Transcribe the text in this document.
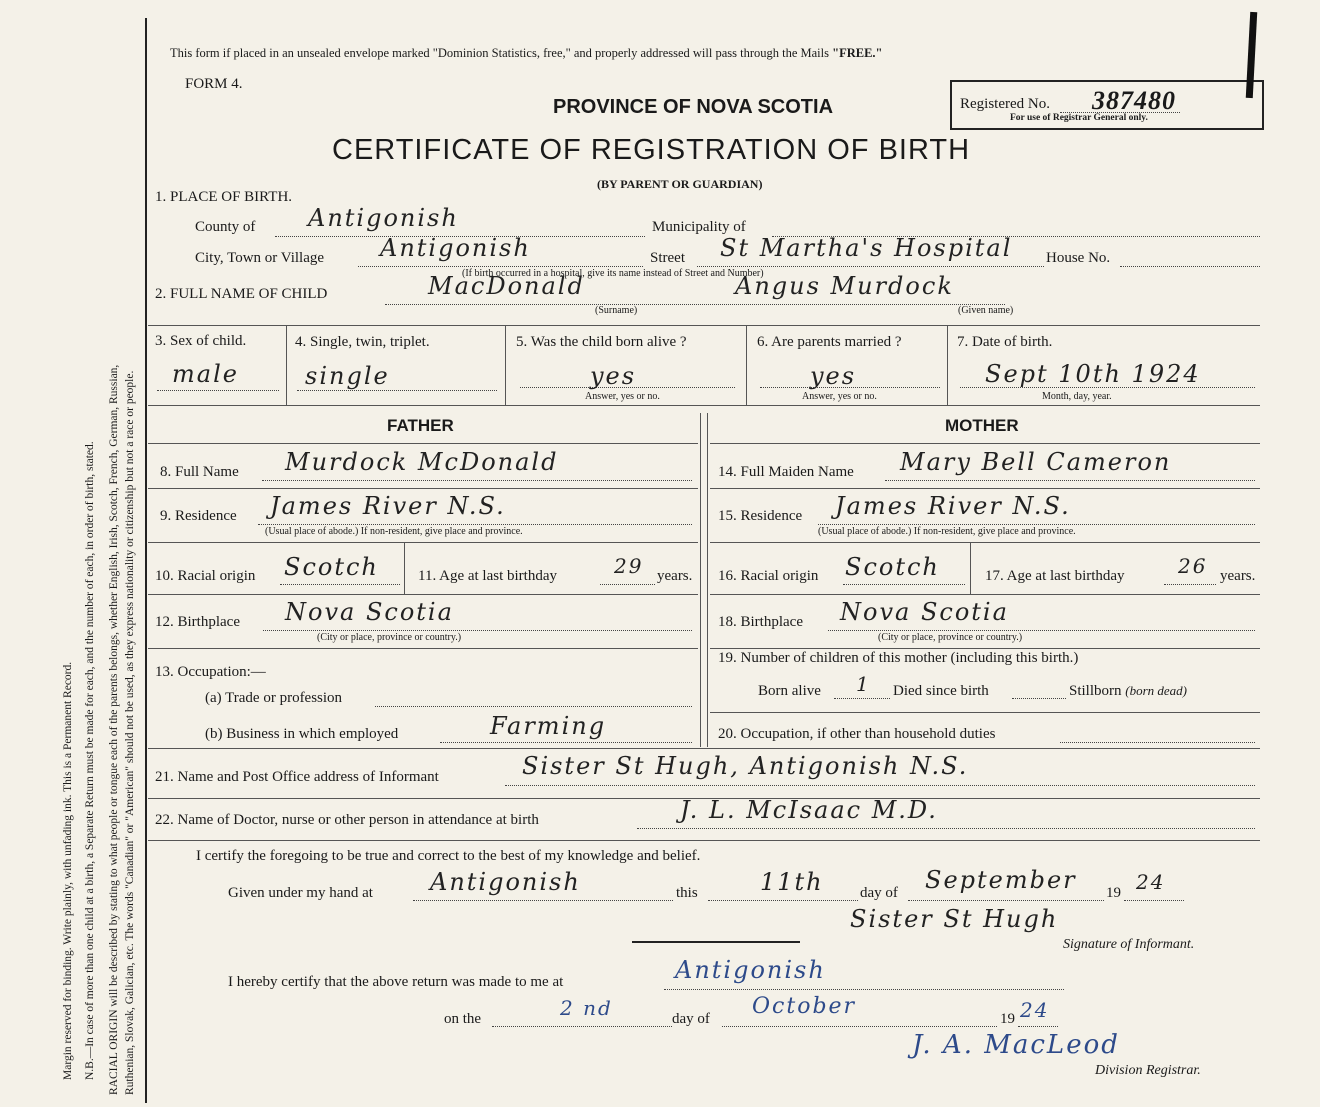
Margin reserved for binding. Write plainly, with unfading ink. This is a Permanent Record. N.B.—In case of more than one child at a birth, a Separate Return must be made for each, and the number of each, in order of birth, stated. RACIAL ORIGIN will be described by stating to what people or tongue each of the parents belongs, whether English, Irish, Scotch, French, German, Russian, Ruthenian, Slovak, Galician, etc. The words "Canadian" or "American" should not be used, as they express nationality or citizenship but not a race or people.
This form if placed in an unsealed envelope marked "Dominion Statistics, free," and properly addressed will pass through the Mails "FREE."
FORM 4.
PROVINCE OF NOVA SCOTIA	Registered No. 387480
For use of Registrar General only.
CERTIFICATE OF REGISTRATION OF BIRTH
(BY PARENT OR GUARDIAN)
1. PLACE OF BIRTH.
County of Antigonish	Municipality of
City, Town or Village Antigonish	Street St Martha's Hospital House No.
(If birth occurred in a hospital, give its name instead of Street and Number)
2. FULL NAME OF CHILD	MacDonald	Angus Murdock
(Surname)	(Given name)
3. Sex of child.
male
4. Single, twin, triplet.
single
5. Was the child born alive ?
yes
Answer, yes or no.
6. Are parents married ?
yes
Answer, yes or no.
7. Date of birth.
Sept 10th 1924
Month, day, year.
FATHER	MOTHER
8. Full Name Murdock McDonald
9. Residence James River N.S.
(Usual place of abode.) If non-resident, give place and province.
10. Racial origin Scotch	11. Age at last birthday	29 years.
12. Birthplace Nova Scotia
(City or place, province or country.)
13. Occupation:—
(a) Trade or profession
(b) Business in which employed	Farming
14. Full Maiden Name Mary Bell Cameron
15. Residence James River N.S.
(Usual place of abode.) If non-resident, give place and province.
16. Racial origin Scotch	17. Age at last birthday	26 years.
18. Birthplace Nova Scotia
(City or place, province or country.)
19. Number of children of this mother (including this birth.)
Born alive 1 Died since birth	Stillborn (born dead)
20. Occupation, if other than household duties
21. Name and Post Office address of Informant	Sister St Hugh, Antigonish N.S.
22. Name of Doctor, nurse or other person in attendance at birth	J. L. McIsaac M.D.
I certify the foregoing to be true and correct to the best of my knowledge and belief.
Given under my hand at Antigonish	this	11th day of September 19 24
Sister St Hugh
Signature of Informant.
I hereby certify that the above return was made to me at	Antigonish
on the	2 nd	day of October	19 24
J. A. MacLeod
Division Registrar.
